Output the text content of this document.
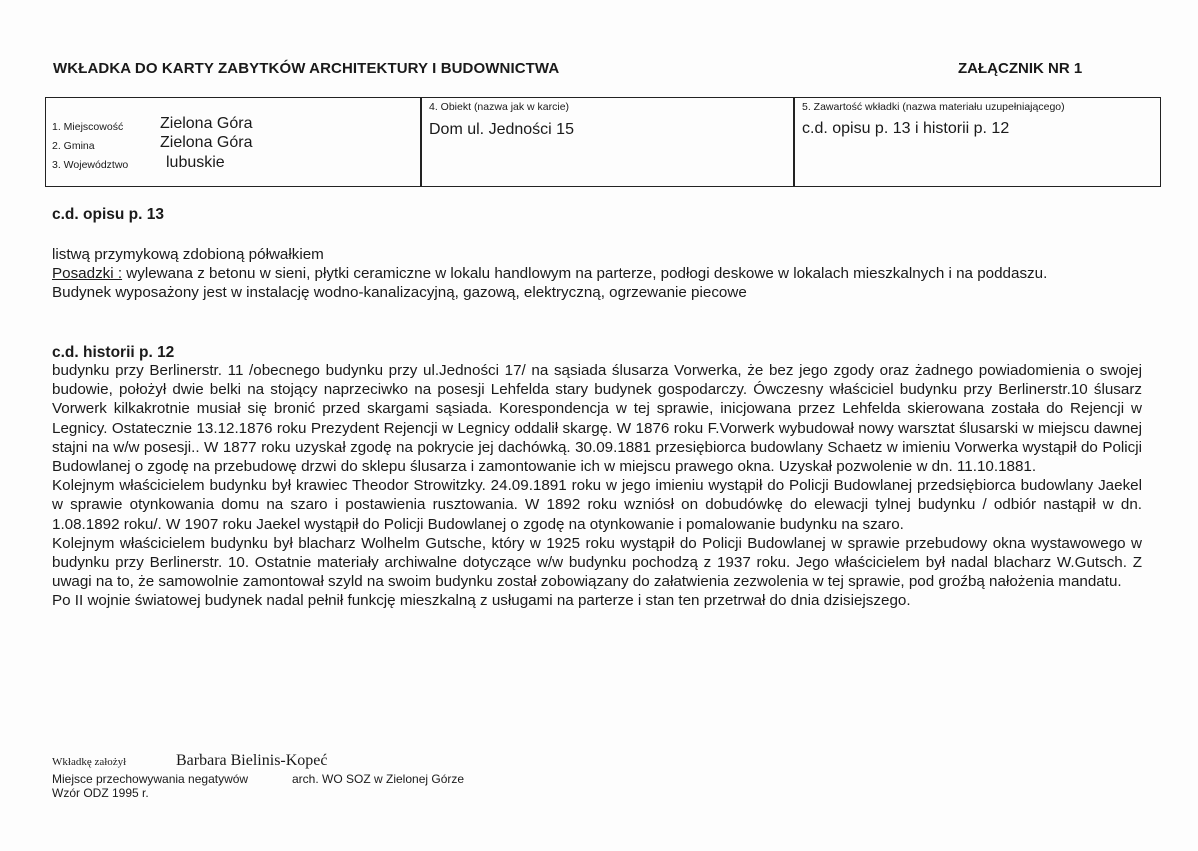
WKŁADKA DO KARTY ZABYTKÓW ARCHITEKTURY I BUDOWNICTWA	ZAŁĄCZNIK NR 1
1. Miejscowość Zielona Góra
2. Gmina	Zielona Góra
3. Województwo lubuskie
4. Obiekt (nazwa jak w karcie)
Dom ul. Jedności 15
5. Zawartość wkładki (nazwa materiału uzupełniającego)
c.d. opisu p. 13 i historii p. 12
c.d. opisu p. 13

listwą przymykową zdobioną półwałkiem

Posadzki : wylewana z betonu w sieni, płytki ceramiczne w lokalu handlowym na parterze, podłogi deskowe w lokalach mieszkalnych i na poddaszu.

Budynek wyposażony jest w instalację wodno-kanalizacyjną, gazową, elektryczną, ogrzewanie piecowe

c.d. historii p. 12

budynku przy Berlinerstr. 11 /obecnego budynku przy ul.Jedności 17/ na sąsiada ślusarza Vorwerka, że bez jego zgody oraz żadnego powiadomienia o swojej budowie, położył dwie belki na stojący naprzeciwko na posesji Lehfelda stary budynek gospodarczy. Ówczesny właściciel budynku przy Berlinerstr.10 ślusarz Vorwerk kilkakrotnie musiał się bronić przed skargami sąsiada. Korespondencja w tej sprawie, inicjowana przez Lehfelda skierowana została do Rejencji w Legnicy. Ostatecznie 13.12.1876 roku Prezydent Rejencji w Legnicy oddalił skargę. W 1876 roku F.Vorwerk wybudował nowy warsztat ślusarski w miejscu dawnej stajni na w/w posesji.. W 1877 roku uzyskał zgodę na pokrycie jej dachówką. 30.09.1881 przesiębiorca budowlany Schaetz w imieniu Vorwerka wystąpił do Policji Budowlanej o zgodę na przebudowę drzwi do sklepu ślusarza i zamontowanie ich w miejscu prawego okna. Uzyskał pozwolenie w dn. 11.10.1881.

Kolejnym właścicielem budynku był krawiec Theodor Strowitzky. 24.09.1891 roku w jego imieniu wystąpił do Policji Budowlanej przedsiębiorca budowlany Jaekel w sprawie otynkowania domu na szaro i postawienia rusztowania. W 1892 roku wzniósł on dobudówkę do elewacji tylnej budynku / odbiór nastąpił w dn. 1.08.1892 roku/. W 1907 roku Jaekel wystąpił do Policji Budowlanej o zgodę na otynkowanie i pomalowanie budynku na szaro.

Kolejnym właścicielem budynku był blacharz Wolhelm Gutsche, który w 1925 roku wystąpił do Policji Budowlanej w sprawie przebudowy okna wystawowego w budynku przy Berlinerstr. 10. Ostatnie materiały archiwalne dotyczące w/w budynku pochodzą z 1937 roku. Jego właścicielem był nadal blacharz W.Gutsch. Z uwagi na to, że samowolnie zamontował szyld na swoim budynku został zobowiązany do załatwienia zezwolenia w tej sprawie, pod groźbą nałożenia mandatu.

Po II wojnie światowej budynek nadal pełnił funkcję mieszkalną z usługami na parterze i stan ten przetrwał do dnia dzisiejszego.

Wkładkę założył	Barbara Bielinis-Kopeć
Miejsce przechowywania negatywów	arch. WO SOZ w Zielonej Górze
Wzór ODZ 1995 r.
